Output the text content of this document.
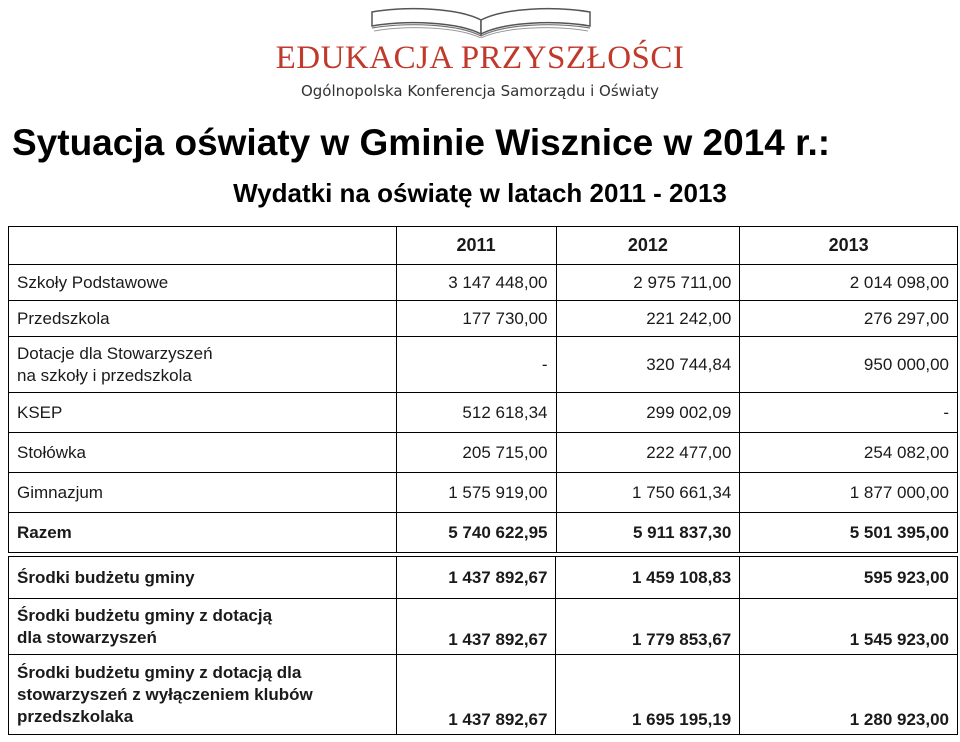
EDUKACJA PRZYSZŁOŚCI
Ogólnopolska Konferencja Samorządu i Oświaty
Sytuacja oświaty w Gminie Wisznice w 2014 r.:
Wydatki na oświatę w latach 2011 - 2013
	2011	2012	2013
Szkoły Podstawowe	3 147 448,00	2 975 711,00	2 014 098,00
Przedszkola	177 730,00	221 242,00	276 297,00
Dotacje dla Stowarzyszeń na szkoły i przedszkola	-	320 744,84	950 000,00
KSEP	512 618,34	299 002,09	-
Stołówka	205 715,00	222 477,00	254 082,00
Gimnazjum	1 575 919,00	1 750 661,34	1 877 000,00
Razem	5 740 622,95	5 911 837,30	5 501 395,00
Środki budżetu gminy	1 437 892,67	1 459 108,83	595 923,00
Środki budżetu gminy z dotacją dla stowarzyszeń	1 437 892,67	1 779 853,67	1 545 923,00
Środki budżetu gminy z dotacją dla stowarzyszeń z wyłączeniem klubów przedszkolaka	1 437 892,67	1 695 195,19	1 280 923,00
